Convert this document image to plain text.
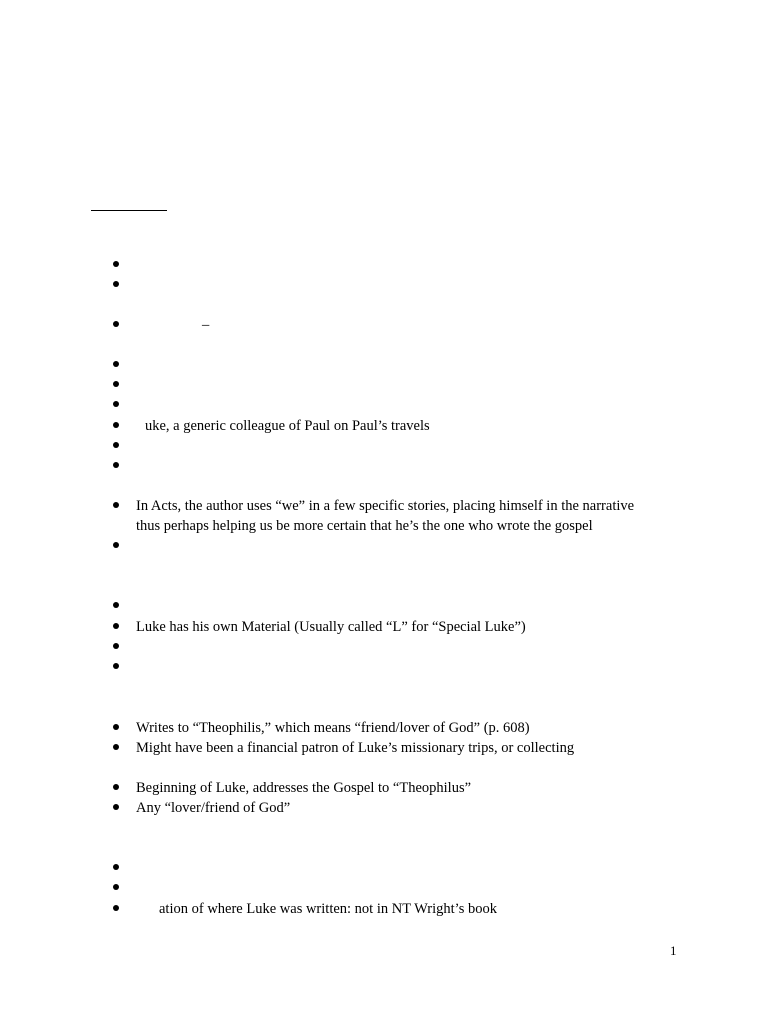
–
uke, a generic colleague of Paul on Paul’s travels
In Acts, the author uses “we” in a few specific stories, placing himself in the narrative
thus perhaps helping us be more certain that he’s the one who wrote the gospel
Luke has his own Material (Usually called “L” for “Special Luke”)
Writes to “Theophilis,” which means “friend/lover of God” (p. 608)
Might have been a financial patron of Luke’s missionary trips, or collecting
Beginning of Luke, addresses the Gospel to “Theophilus”
Any “lover/friend of God”
ation of where Luke was written: not in NT Wright’s book
1
